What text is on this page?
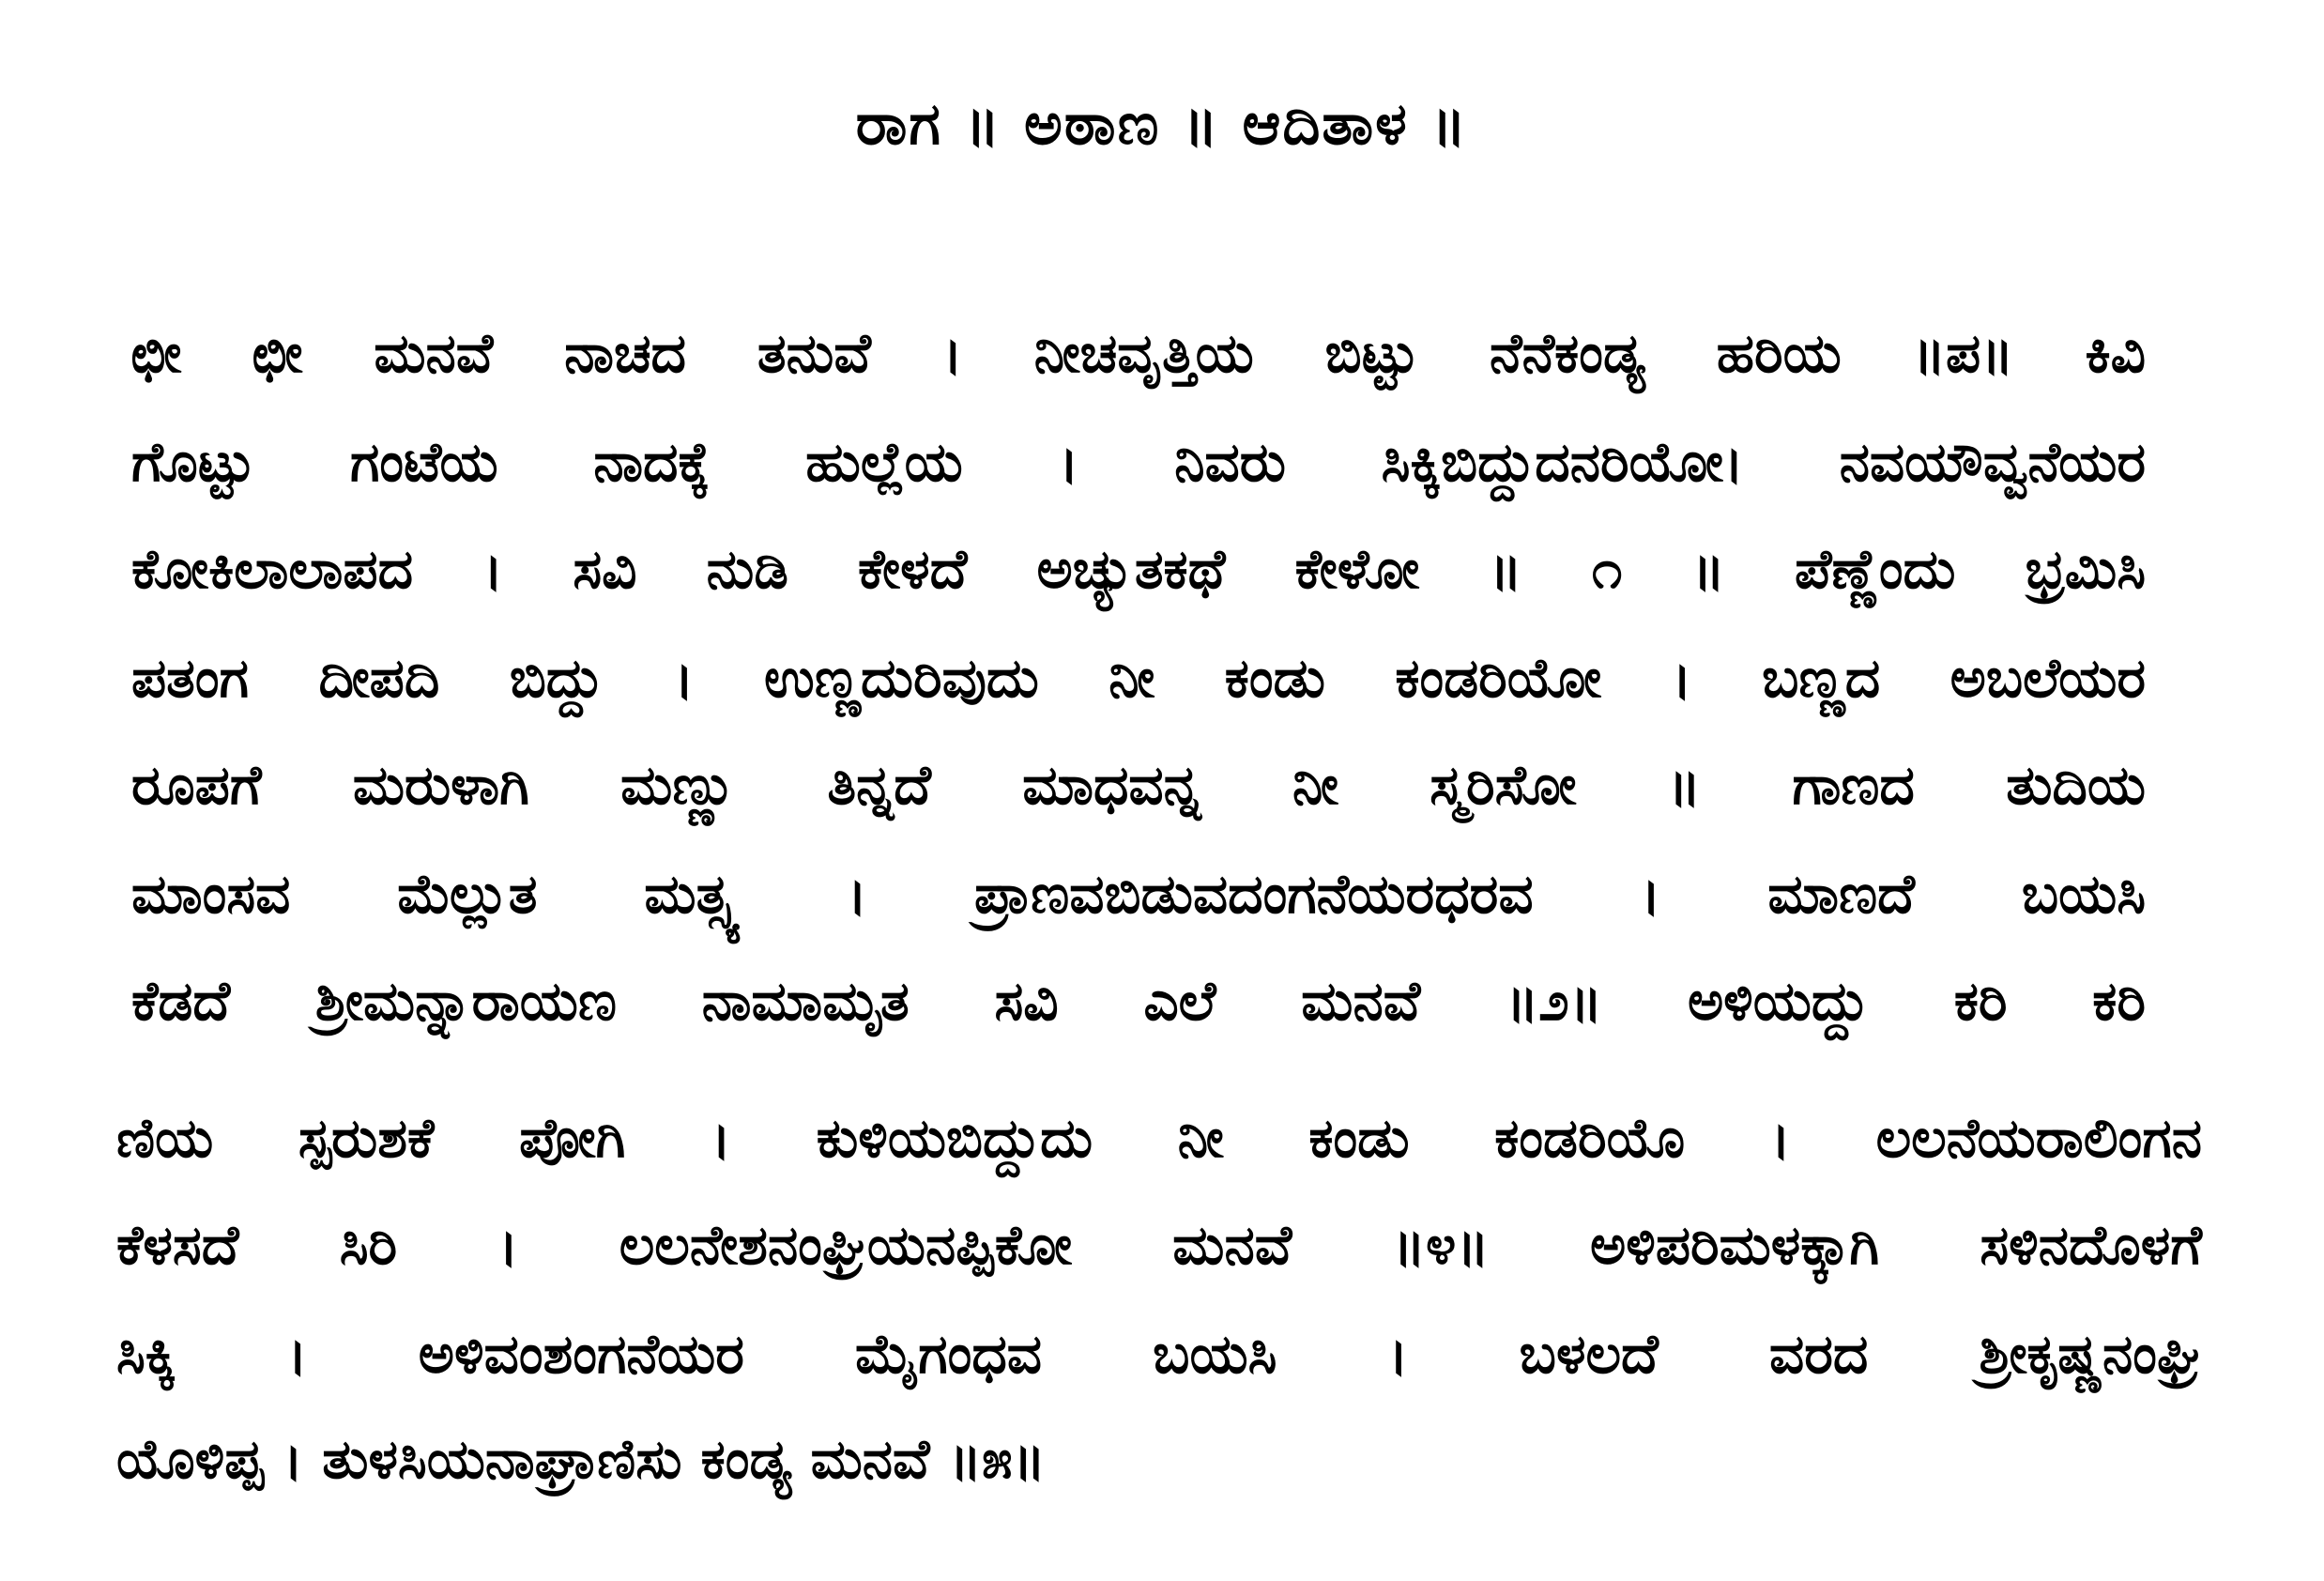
ರಾಗ ॥ ಅಠಾಣ ॥ ಆದಿತಾಳ ॥
ಛೀ ಛೀ ಮನವೆ ನಾಚದ ತನುವೆ । ನೀಚವೃತ್ತಿಯ ಬಿಟ್ಟು ನೆನೆಕಂಡ್ಯ ಹರಿಯ ॥ಪ॥ ಕಿವಿ
ಗೊಟ್ಟು ಗಂಟೆಯ ನಾದಕ್ಕೆ ಹುಲ್ಲೆಯ । ನಿವರು ಸಿಕ್ಕಿಬಿದ್ದುದನರಿಯೋ। ನವಯೌವ್ವನೆಯರ
ಕೋಕಿಲಾಲಾಪದ । ಸವಿ ನುಡಿ ಕೇಳದೆ ಅಚ್ಯುತಕಥೆ ಕೇಳೋ ॥ ೧ ॥ ಪೆಣ್ಣೆಂದು ಭ್ರಮಿಸಿ
ಪತಂಗ ದೀಪದಿ ಬಿದ್ದು । ಉಣ್ಣದುರಿವುದು ನೀ ಕಂಡು ಕಂಡರಿಯೋ । ಬಣ್ಣದ ಅಬಲೆಯರ
ರೂಪಗೆ ಮರುಳಾಗಿ ಮಣ್ಣು ತಿನ್ನದೆ ಮಾಧವನ್ನ ನೀ ಸ್ಮರಿಸೋ ॥ ಗಾಣದ ತುದಿಯ
ಮಾಂಸವ ಮೆಲ್ಲುತ ಮತ್ಸ್ಯ । ಪ್ರಾಣವಬಿಡುವದಂಗನೆಯರಧರವ । ಮಾಣದೆ ಬಯಸಿ
ಕೆಡದೆ ಶ್ರೀಮನ್ನಾರಾಯಣ ನಾಮಾಮೃತ ಸವಿ ಎಲೆ ಮನವೆ ॥೨॥ ಅಳಿಯದ್ದು ಕರಿ ಕರಿ
ಣಿಯ ಸ್ಪರುಶಕೆ ಪೋಗಿ । ಕುಳಿಯಬಿದ್ದುದು ನೀ ಕಂಡು ಕಂಡರಿಯೊ । ಲಲನೆಯರಾಲಿಂಗನ
ಕೆಳಸದೆ ಸಿರಿ । ಲಲನೇಶನಂಘ್ರಿಯನಪ್ಪಿಕೋ ಮನವೆ ॥೪॥ ಅಳಿಪರಿಮಳಕ್ಕಾಗಿ ಸಳಿನದೊಳಗೆ
ಸಿಕ್ಕಿ । ಅಳಿವಂಶಂಗನೆಯರ ಮೈಗಂಧವ ಬಯಸಿ । ಬಳಲದೆ ವರದ ಶ್ರೀಕೃಷ್ಣನಂಘ್ರಿ
ಯೊಳಿಪ್ಪ । ತುಳಸಿಯನಾಘ್ರಾಣಿಸು ಕಂಡ್ಯ ಮನವೆ ॥೫॥
